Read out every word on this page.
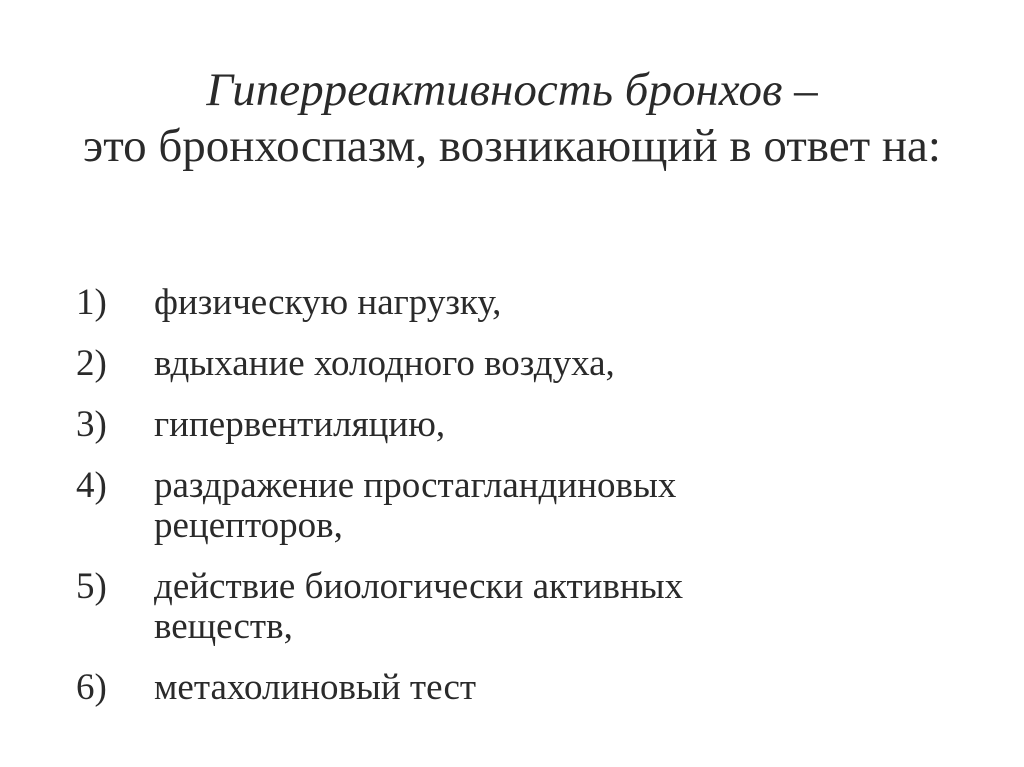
Гиперреактивность бронхов –
это бронхоспазм, возникающий в ответ на:
1)	физическую нагрузку,
2)	вдыхание холодного воздуха,
3)	гипервентиляцию,
4)	раздражение простагландиновых рецепторов,
5)	действие биологически активных веществ,
6)	метахолиновый тест
